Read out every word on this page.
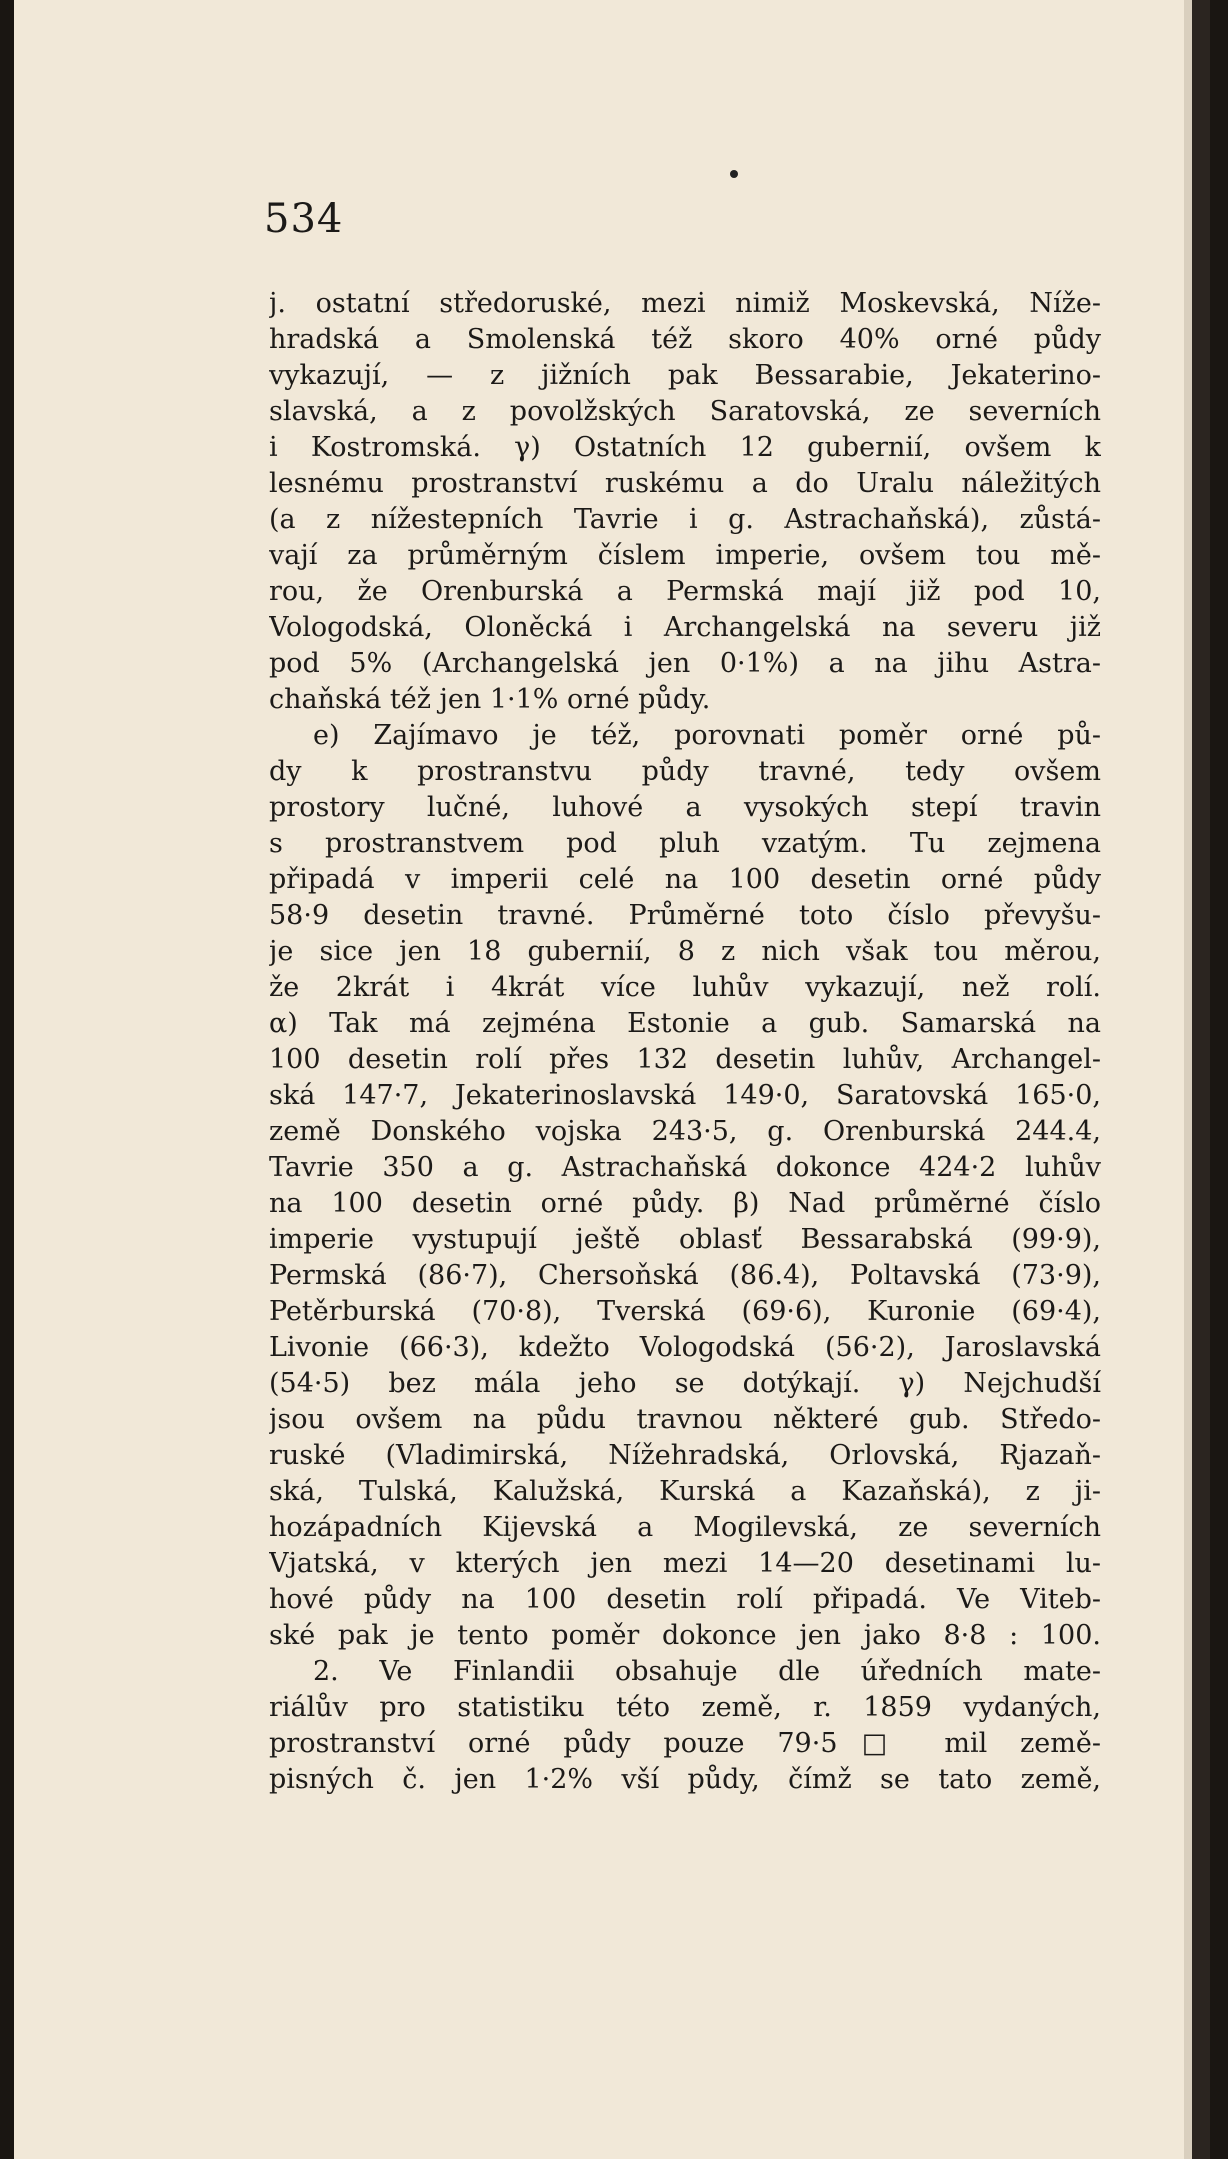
534
j. ostatní středoruské, mezi nimiž Moskevská, Níže-
hradská a Smolenská též skoro 40% orné půdy
vykazují, — z jižních pak Bessarabie, Jekaterino-
slavská, a z povolžských Saratovská, ze severních
i Kostromská. γ) Ostatních 12 gubernií, ovšem k
lesnému prostranství ruskému a do Uralu náležitých
(a z nížestepních Tavrie i g. Astrachaňská), zůstá-
vají za průměrným číslem imperie, ovšem tou mě-
rou, že Orenburská a Permská mají již pod 10,
Vologodská, Oloněcká i Archangelská na severu již
pod 5% (Archangelská jen 0·1%) a na jihu Astra-
chaňská též jen 1·1% orné půdy.
e) Zajímavo je též, porovnati poměr orné pů-
dy k prostranstvu půdy travné, tedy ovšem
prostory lučné, luhové a vysokých stepí travin
s prostranstvem pod pluh vzatým. Tu zejmena
připadá v imperii celé na 100 desetin orné půdy
58·9 desetin travné. Průměrné toto číslo převyšu-
je sice jen 18 gubernií, 8 z nich však tou měrou,
že 2krát i 4krát více luhův vykazují, než rolí.
α) Tak má zejména Estonie a gub. Samarská na
100 desetin rolí přes 132 desetin luhův, Archangel-
ská 147·7, Jekaterinoslavská 149·0, Saratovská 165·0,
země Donského vojska 243·5, g. Orenburská 244.4,
Tavrie 350 a g. Astrachaňská dokonce 424·2 luhův
na 100 desetin orné půdy. β) Nad průměrné číslo
imperie vystupují ještě oblasť Bessarabská (99·9),
Permská (86·7), Chersoňská (86.4), Poltavská (73·9),
Petěrburská (70·8), Tverská (69·6), Kuronie (69·4),
Livonie (66·3), kdežto Vologodská (56·2), Jaroslavská
(54·5) bez mála jeho se dotýkají. γ) Nejchudší
jsou ovšem na půdu travnou některé gub. Středo-
ruské (Vladimirská, Nížehradská, Orlovská, Rjazaň-
ská, Tulská, Kalužská, Kurská a Kazaňská), z ji-
hozápadních Kijevská a Mogilevská, ze severních
Vjatská, v kterých jen mezi 14—20 desetinami lu-
hové půdy na 100 desetin rolí připadá. Ve Viteb-
ské pak je tento poměr dokonce jen jako 8·8 : 100.
2. Ve Finlandii obsahuje dle úředních mate-
riálův pro statistiku této země, r. 1859 vydaných,
prostranství orné půdy pouze 79·5□ mil země-
pisných č. jen 1·2% vší půdy, čímž se tato země,
